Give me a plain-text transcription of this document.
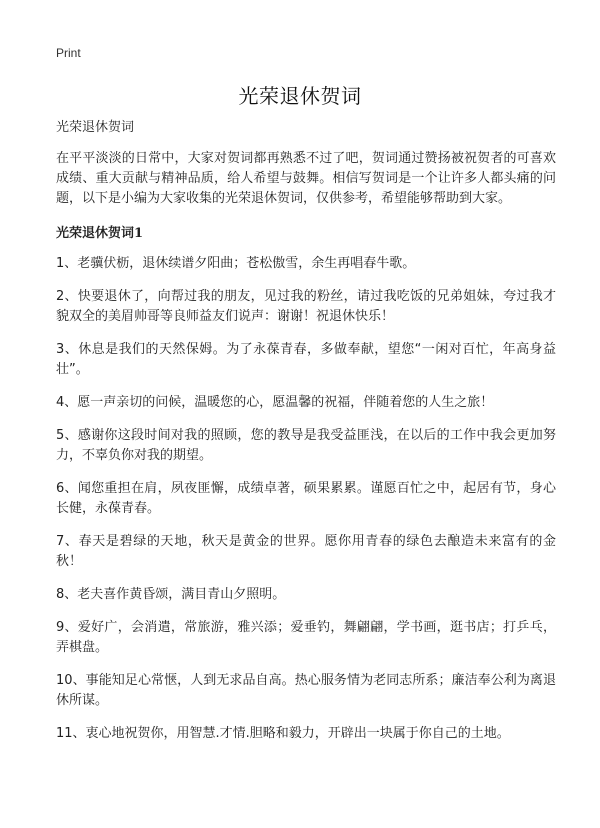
Print
光荣退休贺词

光荣退休贺词

在平平淡淡的日常中，大家对贺词都再熟悉不过了吧，贺词通过赞扬被祝贺者的可喜欢成绩、重大贡献与精神品质，给人希望与鼓舞。相信写贺词是一个让许多人都头痛的问题，以下是小编为大家收集的光荣退休贺词，仅供参考，希望能够帮助到大家。

光荣退休贺词1

1、老骥伏枥，退休续谱夕阳曲；苍松傲雪，余生再唱春牛歌。
2、快要退休了，向帮过我的朋友，见过我的粉丝，请过我吃饭的兄弟姐妹，夸过我才貌双全的美眉帅哥等良师益友们说声：谢谢！祝退休快乐！
3、休息是我们的天然保姆。为了永葆青春，多做奉献，望您“一闲对百忙，年高身益壮”。
4、愿一声亲切的问候，温暖您的心，愿温馨的祝福，伴随着您的人生之旅！
5、感谢你这段时间对我的照顾，您的教导是我受益匪浅，在以后的工作中我会更加努力，不辜负你对我的期望。
6、闻您重担在肩，夙夜匪懈，成绩卓著，硕果累累。谨愿百忙之中，起居有节，身心长健，永葆青春。
7、春天是碧绿的天地，秋天是黄金的世界。愿你用青春的绿色去酿造未来富有的金秋！
8、老夫喜作黄昏颂，满目青山夕照明。
9、爱好广，会消遣，常旅游，雅兴添；爱垂钓，舞翩翩，学书画，逛书店；打乒乓，弄棋盘。
10、事能知足心常惬，人到无求品自高。热心服务情为老同志所系；廉洁奉公利为离退休所谋。
11、衷心地祝贺你，用智慧.才情.胆略和毅力，开辟出一块属于你自己的土地。
